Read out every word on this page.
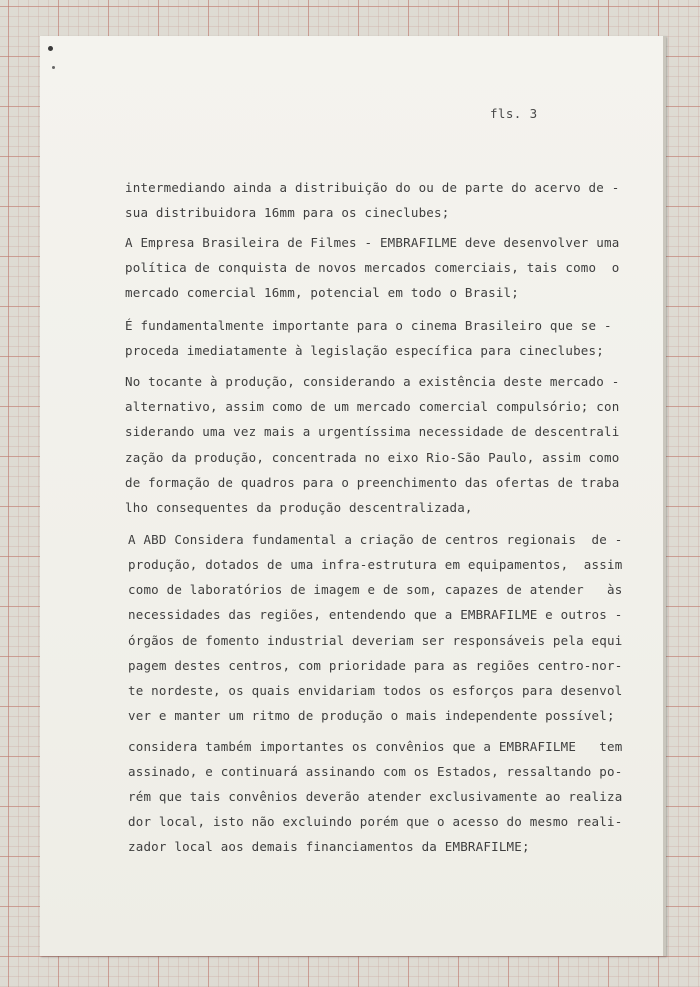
fls. 3
intermediando ainda a distribuição do ou de parte do acervo de -
sua distribuidora 16mm para os cineclubes;
A Empresa Brasileira de Filmes - EMBRAFILME deve desenvolver uma
política de conquista de novos mercados comerciais, tais como  o
mercado comercial 16mm, potencial em todo o Brasil;
É fundamentalmente importante para o cinema Brasileiro que se -
proceda imediatamente à legislação específica para cineclubes;
No tocante à produção, considerando a existência deste mercado -
alternativo, assim como de um mercado comercial compulsório; con
siderando uma vez mais a urgentíssima necessidade de descentrali
zação da produção, concentrada no eixo Rio-São Paulo, assim como
de formação de quadros para o preenchimento das ofertas de traba
lho consequentes da produção descentralizada,
A ABD Considera fundamental a criação de centros regionais  de -
produção, dotados de uma infra-estrutura em equipamentos,  assim
como de laboratórios de imagem e de som, capazes de atender   às
necessidades das regiões, entendendo que a EMBRAFILME e outros -
órgãos de fomento industrial deveriam ser responsáveis pela equi
pagem destes centros, com prioridade para as regiões centro-nor-
te nordeste, os quais envidariam todos os esforços para desenvol
ver e manter um ritmo de produção o mais independente possível;
considera também importantes os convênios que a EMBRAFILME   tem
assinado, e continuará assinando com os Estados, ressaltando po-
rém que tais convênios deverão atender exclusivamente ao realiza
dor local, isto não excluindo porém que o acesso do mesmo reali-
zador local aos demais financiamentos da EMBRAFILME;
